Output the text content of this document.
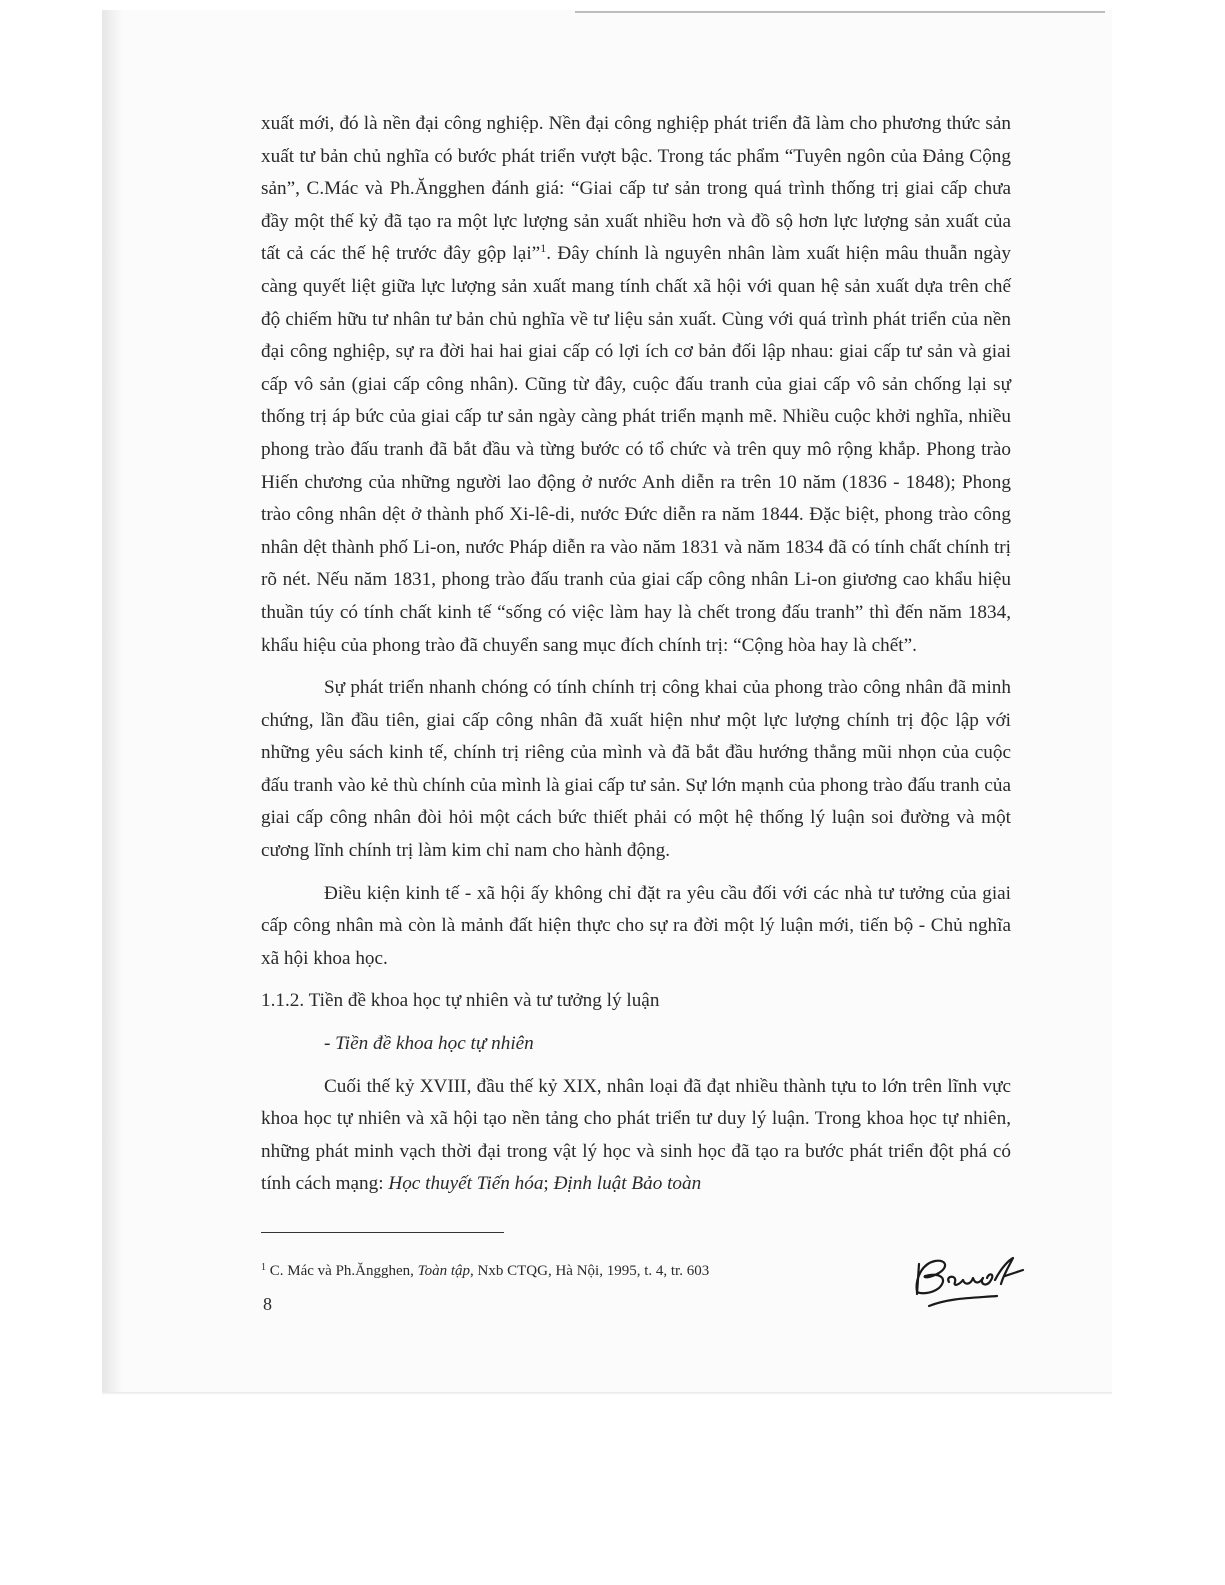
xuất mới, đó là nền đại công nghiệp. Nền đại công nghiệp phát triển đã làm cho phương thức sản xuất tư bản chủ nghĩa có bước phát triển vượt bậc. Trong tác phẩm “Tuyên ngôn của Đảng Cộng sản”, C.Mác và Ph.Ăngghen đánh giá: “Giai cấp tư sản trong quá trình thống trị giai cấp chưa đầy một thế kỷ đã tạo ra một lực lượng sản xuất nhiều hơn và đồ sộ hơn lực lượng sản xuất của tất cả các thế hệ trước đây gộp lại”$^1$. Đây chính là nguyên nhân làm xuất hiện mâu thuẫn ngày càng quyết liệt giữa lực lượng sản xuất mang tính chất xã hội với quan hệ sản xuất dựa trên chế độ chiếm hữu tư nhân tư bản chủ nghĩa về tư liệu sản xuất. Cùng với quá trình phát triển của nền đại công nghiệp, sự ra đời hai hai giai cấp có lợi ích cơ bản đối lập nhau: giai cấp tư sản và giai cấp vô sản (giai cấp công nhân). Cũng từ đây, cuộc đấu tranh của giai cấp vô sản chống lại sự thống trị áp bức của giai cấp tư sản ngày càng phát triển mạnh mẽ. Nhiều cuộc khởi nghĩa, nhiều phong trào đấu tranh đã bắt đầu và từng bước có tổ chức và trên quy mô rộng khắp. Phong trào Hiến chương của những người lao động ở nước Anh diễn ra trên 10 năm (1836 - 1848); Phong trào công nhân dệt ở thành phố Xi-lê-di, nước Đức diễn ra năm 1844. Đặc biệt, phong trào công nhân dệt thành phố Li-on, nước Pháp diễn ra vào năm 1831 và năm 1834 đã có tính chất chính trị rõ nét. Nếu năm 1831, phong trào đấu tranh của giai cấp công nhân Li-on giương cao khẩu hiệu thuần túy có tính chất kinh tế “sống có việc làm hay là chết trong đấu tranh” thì đến năm 1834, khẩu hiệu của phong trào đã chuyển sang mục đích chính trị: “Cộng hòa hay là chết”.

Sự phát triển nhanh chóng có tính chính trị công khai của phong trào công nhân đã minh chứng, lần đầu tiên, giai cấp công nhân đã xuất hiện như một lực lượng chính trị độc lập với những yêu sách kinh tế, chính trị riêng của mình và đã bắt đầu hướng thẳng mũi nhọn của cuộc đấu tranh vào kẻ thù chính của mình là giai cấp tư sản. Sự lớn mạnh của phong trào đấu tranh của giai cấp công nhân đòi hỏi một cách bức thiết phải có một hệ thống lý luận soi đường và một cương lĩnh chính trị làm kim chỉ nam cho hành động.

Điều kiện kinh tế - xã hội ấy không chỉ đặt ra yêu cầu đối với các nhà tư tưởng của giai cấp công nhân mà còn là mảnh đất hiện thực cho sự ra đời một lý luận mới, tiến bộ - Chủ nghĩa xã hội khoa học.

1.1.2. Tiền đề khoa học tự nhiên và tư tưởng lý luận

- Tiền đề khoa học tự nhiên

Cuối thế kỷ XVIII, đầu thế kỷ XIX, nhân loại đã đạt nhiều thành tựu to lớn trên lĩnh vực khoa học tự nhiên và xã hội tạo nền tảng cho phát triển tư duy lý luận. Trong khoa học tự nhiên, những phát minh vạch thời đại trong vật lý học và sinh học đã tạo ra bước phát triển đột phá có tính cách mạng: Học thuyết Tiến hóa; Định luật Bảo toàn

$^1$ C. Mác và Ph.Ăngghen, Toàn tập, Nxb CTQG, Hà Nội, 1995, t. 4, tr. 603
8
